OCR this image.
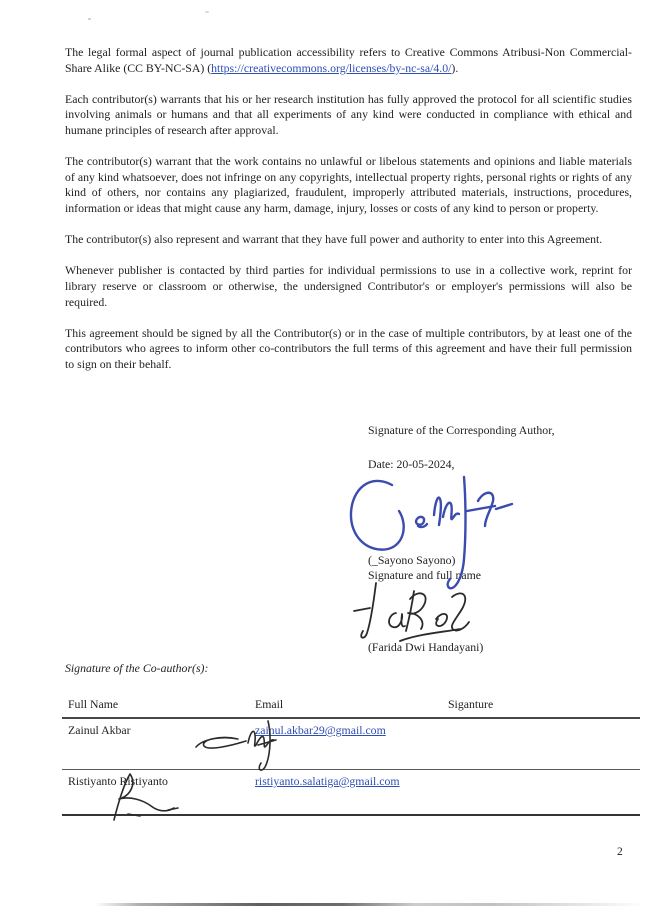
The legal formal aspect of journal publication accessibility refers to Creative Commons Atribusi-Non Commercial-Share Alike (CC BY-NC-SA) (https://creativecommons.org/licenses/by-nc-sa/4.0/).

Each contributor(s) warrants that his or her research institution has fully approved the protocol for all scientific studies involving animals or humans and that all experiments of any kind were conducted in compliance with ethical and humane principles of research after approval.

The contributor(s) warrant that the work contains no unlawful or libelous statements and opinions and liable materials of any kind whatsoever, does not infringe on any copyrights, intellectual property rights, personal rights or rights of any kind of others, nor contains any plagiarized, fraudulent, improperly attributed materials, instructions, procedures, information or ideas that might cause any harm, damage, injury, losses or costs of any kind to person or property.

The contributor(s) also represent and warrant that they have full power and authority to enter into this Agreement.

Whenever publisher is contacted by third parties for individual permissions to use in a collective work, reprint for library reserve or classroom or otherwise, the undersigned Contributor's or employer's permissions will also be required.

This agreement should be signed by all the Contributor(s) or in the case of multiple contributors, by at least one of the contributors who agrees to inform other co-contributors the full terms of this agreement and have their full permission to sign on their behalf.

Signature of the Corresponding Author,

Date: 20-05-2024,

(_Sayono Sayono)

Signature and full name

(Farida Dwi Handayani)

Signature of the Co-author(s):
Full Name	Email	Siganture
Zainul Akbar	zainul.akbar29@gmail.com
Ristiyanto Ristiyanto	ristiyanto.salatiga@gmail.com
2
